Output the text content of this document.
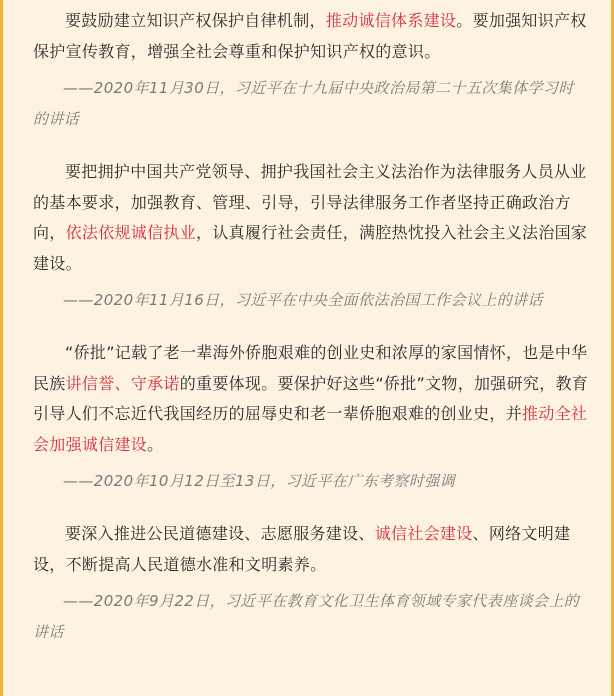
要鼓励建立知识产权保护自律机制，推动诚信体系建设。要加强知识产权保护宣传教育，增强全社会尊重和保护知识产权的意识。

——2020年11月30日，习近平在十九届中央政治局第二十五次集体学习时的讲话

要把拥护中国共产党领导、拥护我国社会主义法治作为法律服务人员从业的基本要求，加强教育、管理、引导，引导法律服务工作者坚持正确政治方向，依法依规诚信执业，认真履行社会责任，满腔热忱投入社会主义法治国家建设。

——2020年11月16日，习近平在中央全面依法治国工作会议上的讲话

“侨批”记载了老一辈海外侨胞艰难的创业史和浓厚的家国情怀，也是中华民族讲信誉、守承诺的重要体现。要保护好这些“侨批”文物，加强研究，教育引导人们不忘近代我国经历的屈辱史和老一辈侨胞艰难的创业史，并推动全社会加强诚信建设。

——2020年10月12日至13日，习近平在广东考察时强调

要深入推进公民道德建设、志愿服务建设、诚信社会建设、网络文明建设，不断提高人民道德水准和文明素养。

——2020年9月22日，习近平在教育文化卫生体育领域专家代表座谈会上的讲话
